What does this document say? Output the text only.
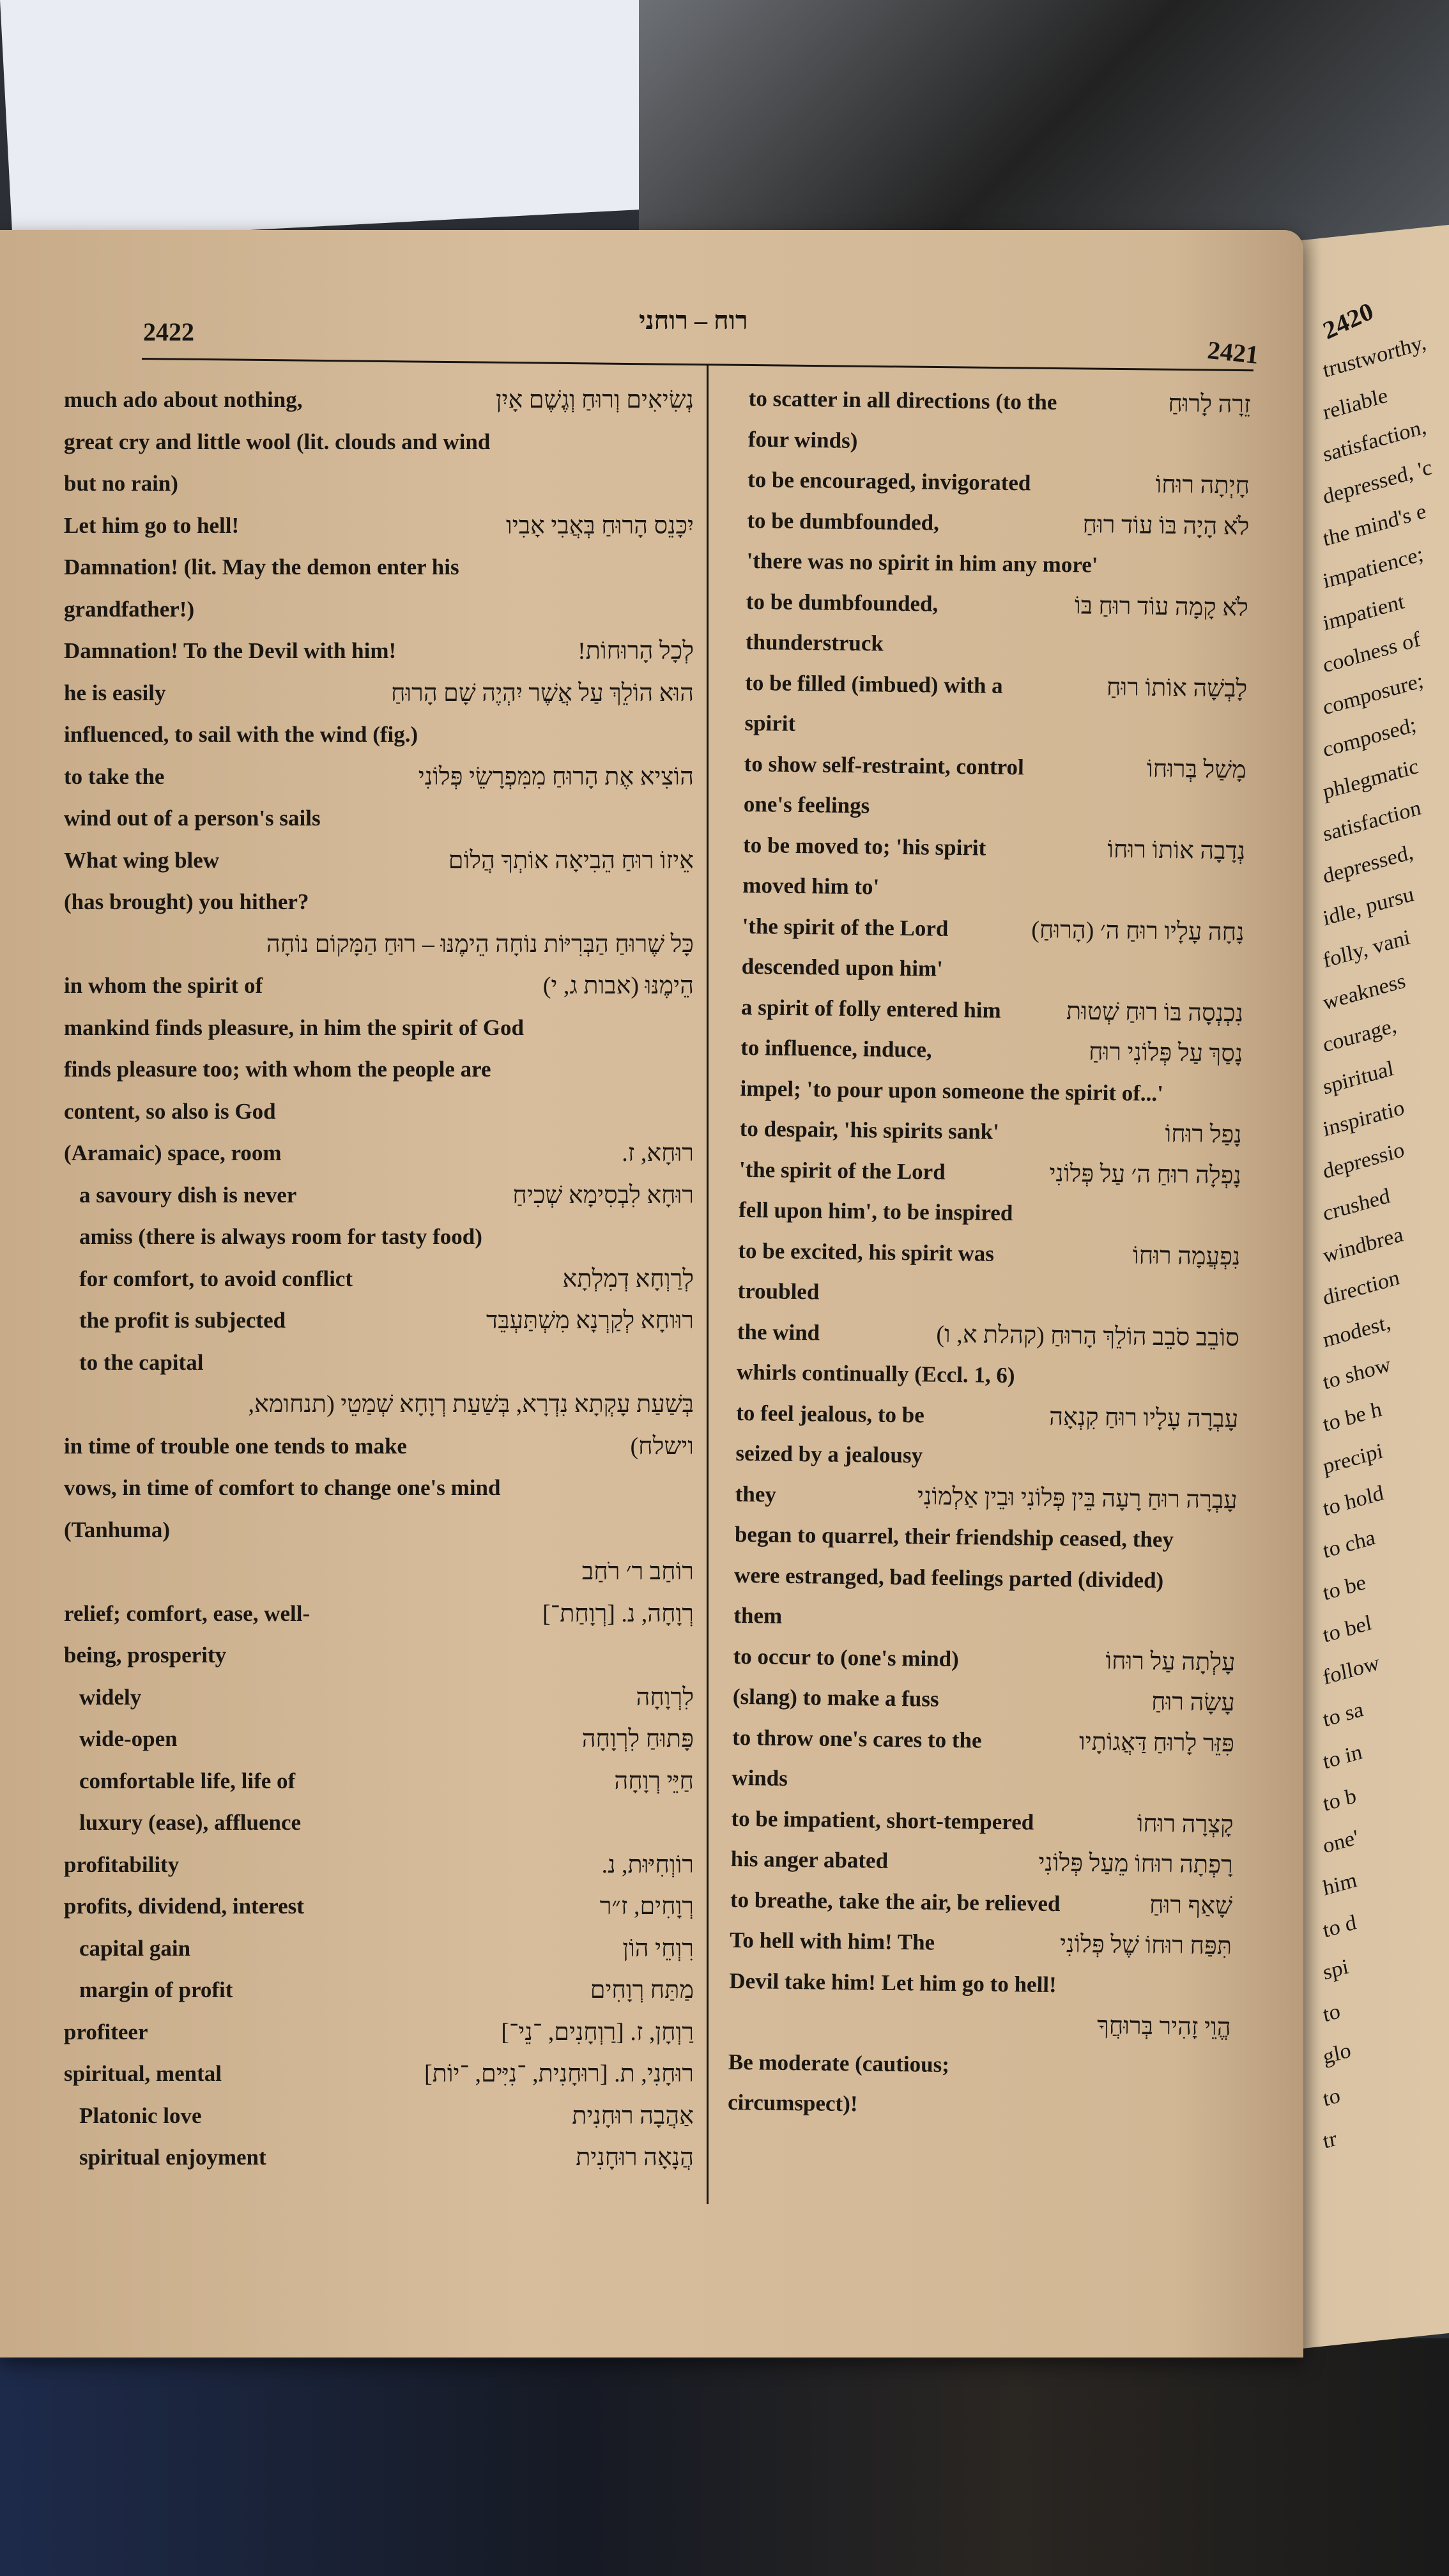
2420
trustworthy,
reliable
satisfaction,
depressed, 'c
the mind's e
impatience;
impatient
coolness of
composure;
composed;
phlegmatic
satisfaction
depressed,
idle, pursu
folly, vani
weakness
courage,
spiritual
inspiratio
depressio
crushed
windbrea
direction
modest,
to show
to be h
precipi
to hold
to cha
to be
to bel
follow
to sa
to in
to b
one'
him
to d
spi
to
glo
to
tr
2422	רוח – רוחני
2421
much ado about nothing,	נְשִׂיאִים וְרוּחַ וְגֶשֶׁם אָיִן
great cry and little wool (lit. clouds and wind
but no rain)
Let him go to hell!	יִכָּנֵס הָרוּחַ בְּאֲבִי אָבִיו
Damnation! (lit. May the demon enter his
grandfather!)
Damnation! To the Devil with him!	לְכָל הָרוּחוֹת!
he is easily	הוּא הוֹלֵךְ עַל אֲשֶׁר יִהְיֶה שָׁם הָרוּחַ
influenced, to sail with the wind (fig.)
to take the	הוֹצִיא אֶת הָרוּחַ מִמִּפְרָשֵׂי פְּלוֹנִי
wind out of a person's sails
What wing blew	אֵיזוֹ רוּחַ הֵבִיאָה אוֹתְךָ הֲלוֹם
(has brought) you hither?
כָּל שֶׁרוּחַ הַבְּרִיּוֹת נוֹחָה הֵימֶנּוּ – רוּחַ הַמָּקוֹם נוֹחָה
in whom the spirit of	הֵימֶנּוּ (אבות ג, י)
mankind finds pleasure, in him the spirit of God
finds pleasure too; with whom the people are
content, so also is God
(Aramaic) space, room	רוּחָא, ז.
a savoury dish is never	רוּחָא לִבְסִימָא שְׁכִיחַ
amiss (there is always room for tasty food)
for comfort, to avoid conflict	לְרַוְחָא דְמִלְתָא
the profit is subjected	רוּוחָא לְקַרְנָא מִשְׁתַּעְבֵּד
to the capital
בְּשַׁעַת עָקְתָא נִדְרָא, בְּשַׁעַת רְוָחָא שְׁמַטֵי (תנחומא,
in time of trouble one tends to make	וישלח)
vows, in time of comfort to change one's mind
(Tanhuma)
רוֹחַב ר׳ רֹחַב
relief; comfort, ease, well-	רְוָחָה, נ. [רְוָחַת־]
being, prosperity
widely	לִרְוָחָה
wide-open	פָּתוּחַ לִרְוָחָה
comfortable life, life of	חַיֵּי רְוָחָה
luxury (ease), affluence
profitability	רוֹוְחִיּוּת, נ.
profits, dividend, interest	רְוָחִים, ז״ר
capital gain	רִוְחֵי הוֹן
margin of profit	מַתַּח רְוָחִים
profiteer	רַוְחָן, ז. [רַוְחָנִים, ־נֵי־]
spiritual, mental	רוּחָנִי, ת. [רוּחָנִית, ־נִיִּים, ־יוֹת]
Platonic love	אַהֲבָה רוּחָנִית
spiritual enjoyment	הֲנָאָה רוּחָנִית
to scatter in all directions (to the	זֵרָה לָרוּחַ
four winds)
to be encouraged, invigorated	חָיְתָה רוּחוֹ
to be dumbfounded,	לֹא הָיָה בּוֹ עוֹד רוּחַ
'there was no spirit in him any more'
to be dumbfounded,	לֹא קָמָה עוֹד רוּחַ בּוֹ
thunderstruck
to be filled (imbued) with a	לָבְשָׁה אוֹתוֹ רוּחַ
spirit
to show self-restraint, control	מָשַׁל בְּרוּחוֹ
one's feelings
to be moved to; 'his spirit	נְדָבָה אוֹתוֹ רוּחוֹ
moved him to'
'the spirit of the Lord	נָחָה עָלָיו רוּחַ ה׳ (הָרוּחַ)
descended upon him'
a spirit of folly entered him	נִכְנְסָה בּוֹ רוּחַ שְׁטוּת
to influence, induce,	נָסַךְ עַל פְּלוֹנִי רוּחַ
impel; 'to pour upon someone the spirit of...'
to despair, 'his spirits sank'	נָפַל רוּחוֹ
'the spirit of the Lord	נָפְלָה רוּחַ ה׳ עַל פְּלוֹנִי
fell upon him', to be inspired
to be excited, his spirit was	נִפְעֲמָה רוּחוֹ
troubled
the wind	סוֹבֵב סֹבֵב הוֹלֵךְ הָרוּחַ (קהלת א, ו)
whirls continually (Eccl. 1, 6)
to feel jealous, to be	עָבְרָה עָלָיו רוּחַ קִנְאָה
seized by a jealousy
they	עָבְרָה רוּחַ רָעָה בֵּין פְּלוֹנִי וּבֵין אַלְמוֹנִי
began to quarrel, their friendship ceased, they
were estranged, bad feelings parted (divided)
them
to occur to (one's mind)	עָלְתָה עַל רוּחוֹ
(slang) to make a fuss	עָשָׂה רוּחַ
to throw one's cares to the	פִּזֵּר לָרוּחַ דַּאֲגוֹתָיו
winds
to be impatient, short-tempered	קָצְרָה רוּחוֹ
his anger abated	רָפְתָה רוּחוֹ מֵעַל פְּלוֹנִי
to breathe, take the air, be relieved	שָׁאַף רוּחַ
To hell with him! The	תִּפַּח רוּחוֹ שֶׁל פְּלוֹנִי
Devil take him! Let him go to hell!
הֱוֵי זָהִיר בְּרוּחֲךָ
Be moderate (cautious;
circumspect)!
